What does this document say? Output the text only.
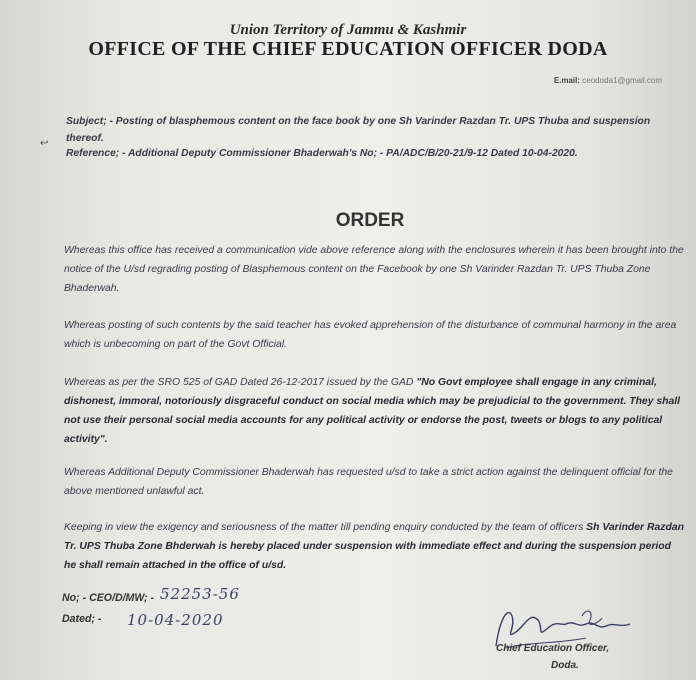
Union Territory of Jammu & Kashmir
OFFICE OF THE CHIEF EDUCATION OFFICER DODA
E.mail: ceododa1@gmail.com
↩
Subject; - Posting of blasphemous content on the face book by one Sh Varinder Razdan Tr. UPS Thuba and suspension thereof.
Reference; - Additional Deputy Commissioner Bhaderwah's No; - PA/ADC/B/20-21/9-12 Dated 10-04-2020.
ORDER
Whereas this office has received a communication vide above reference along with the enclosures wherein it has been brought into the notice of the U/sd regrading posting of Blasphemous content on the Facebook by one Sh Varinder Razdan Tr. UPS Thuba Zone Bhaderwah.
Whereas posting of such contents by the said teacher has evoked apprehension of the disturbance of communal harmony in the area which is unbecoming on part of the Govt Official.
Whereas as per the SRO 525 of GAD Dated 26-12-2017 issued by the GAD "No Govt employee shall engage in any criminal, dishonest, immoral, notoriously disgraceful conduct on social media which may be prejudicial to the government. They shall not use their personal social media accounts for any political activity or endorse the post, tweets or blogs to any political activity".
Whereas Additional Deputy Commissioner Bhaderwah has requested u/sd to take a strict action against the delinquent official for the above mentioned unlawful act.
Keeping in view the exigency and seriousness of the matter till pending enquiry conducted by the team of officers Sh Varinder Razdan Tr. UPS Thuba Zone Bhderwah is hereby placed under suspension with immediate effect and during the suspension period he shall remain attached in the office of u/sd.
No; - CEO/D/MW; - 52253-56
Dated; - 10-04-2020
Chief Education Officer,
Doda.
